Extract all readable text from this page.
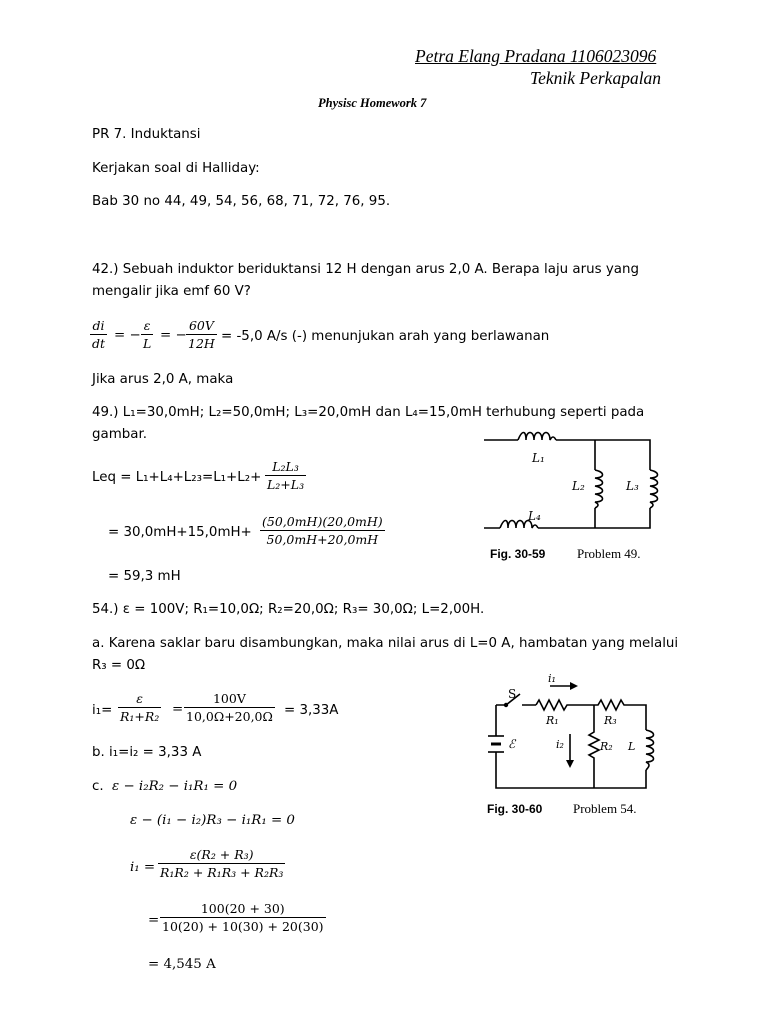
Petra Elang Pradana 1106023096
Teknik Perkapalan
Physisc Homework 7
PR 7. Induktansi
Kerjakan soal di Halliday:
Bab 30 no 44, 49, 54, 56, 68, 71, 72, 76, 95.
42.) Sebuah induktor beriduktansi 12 H dengan arus 2,0 A. Berapa laju arus yang
mengalir jika emf 60 V?
$\frac{di}{dt}$ = − $\frac{\varepsilon}{L}$ = − $\frac{60V}{12H} = -5,0$ A/s (-) menunjukan arah yang berlawanan
Jika arus 2,0 A, maka
49.) L₁=30,0mH; L₂=50,0mH; L₃=20,0mH dan L₄=15,0mH terhubung seperti pada
gambar.
Leq = $L_1+L_4+L_{23}=L_1+L_2+ \frac{\text{L₂L₃}}{\text{L₂+L₃}}$
= $30,0mH+15,0mH+ \frac{(50,0mH)(20,0mH)}{50,0mH+20,0mH}$
= 59,3 mH
L₁
L₂	L₃
L₄
Fig. 30-59 Problem 49.
54.) ε = 100V; R₁=10,0Ω; R₂=20,0Ω; R₃= 30,0Ω; L=2,00H.
a. Karena saklar baru disambungkan, maka nilai arus di L=0 A, hambatan yang melalui
R₃ = 0Ω
$i_1= \frac{\varepsilon}{\text{R₁+R₂}} = \frac{100V}{10,0\Omega+20,0\Omega} = 3,33A$
b. i₁=i₂ = 3,33 A
c. ε − i₂R₂ − i₁R₁ = 0
ε − (i₁ − i₂)R₃ − i₁R₁ = 0
$i_1 = \frac{\text{ε(R₂ + R₃)}}{\text{R₁R₂ + R₁R₃ + R₂R₃}}$
= $\frac{100(20 + 30)}{10(20) + 10(30) + 20(30)}$
= 4,545 A
S
i₁
i₂
R₁	R₃
R₂ L
ℰ
Fig. 30-60 Problem 54.
